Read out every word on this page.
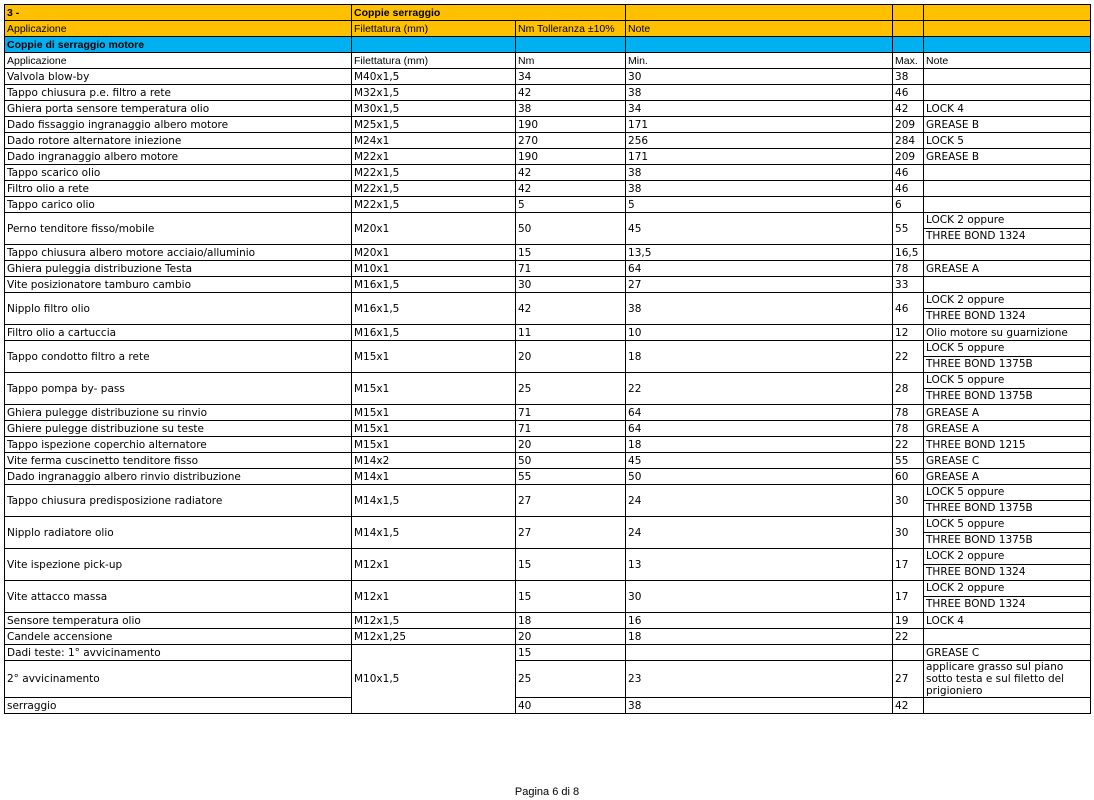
3 -	Coppie serraggio				
Applicazione	Filettatura (mm)	Nm Tolleranza ±10%	Note		
Coppie di serraggio motore					
Applicazione	Filettatura (mm)	Nm	Min.	Max.	Note
Valvola blow-by	M40x1,5	34	30	38	
Tappo chiusura p.e. filtro a rete	M32x1,5	42	38	46	
Ghiera porta sensore temperatura olio	M30x1,5	38	34	42	LOCK 4
Dado fissaggio ingranaggio albero motore	M25x1,5	190	171	209	GREASE B
Dado rotore alternatore iniezione	M24x1	270	256	284	LOCK 5
Dado ingranaggio albero motore	M22x1	190	171	209	GREASE B
Tappo scarico olio	M22x1,5	42	38	46	
Filtro olio a rete	M22x1,5	42	38	46	
Tappo carico olio	M22x1,5	5	5	6	
Perno tenditore fisso/mobile	M20x1	50	45	55	LOCK 2 oppure
THREE BOND 1324

Tappo chiusura albero motore acciaio/alluminio	M20x1	15	13,5	16,5	
Ghiera puleggia distribuzione Testa	M10x1	71	64	78	GREASE A
Vite posizionatore tamburo cambio	M16x1,5	30	27	33	
Nipplo filtro olio	M16x1,5	42	38	46	LOCK 2 oppure
THREE BOND 1324

Filtro olio a cartuccia	M16x1,5	11	10	12	Olio motore su guarnizione
Tappo condotto filtro a rete	M15x1	20	18	22	LOCK 5 oppure
THREE BOND 1375B

Tappo pompa by- pass	M15x1	25	22	28	LOCK 5 oppure
THREE BOND 1375B

Ghiera pulegge distribuzione su rinvio	M15x1	71	64	78	GREASE A
Ghiere pulegge distribuzione su teste	M15x1	71	64	78	GREASE A
Tappo ispezione coperchio alternatore	M15x1	20	18	22	THREE BOND 1215
Vite ferma cuscinetto tenditore fisso	M14x2	50	45	55	GREASE C
Dado ingranaggio albero rinvio distribuzione	M14x1	55	50	60	GREASE A
Tappo chiusura predisposizione radiatore	M14x1,5	27	24	30	LOCK 5 oppure
THREE BOND 1375B

Nipplo radiatore olio	M14x1,5	27	24	30	LOCK 5 oppure
THREE BOND 1375B

Vite ispezione pick-up	M12x1	15	13	17	LOCK 2 oppure
THREE BOND 1324

Vite attacco massa	M12x1	15	30	17	LOCK 2 oppure
THREE BOND 1324

Sensore temperatura olio	M12x1,5	18	16	19	LOCK 4
Candele accensione	M12x1,25	20	18	22	
Dadi teste: 1° avvicinamento	M10x1,5	15			GREASE C
2° avvicinamento		25	23	27	applicare grasso sul piano sotto testa e sul filetto del prigioniero
serraggio		40	38	42	
Pagina 6 di 8
